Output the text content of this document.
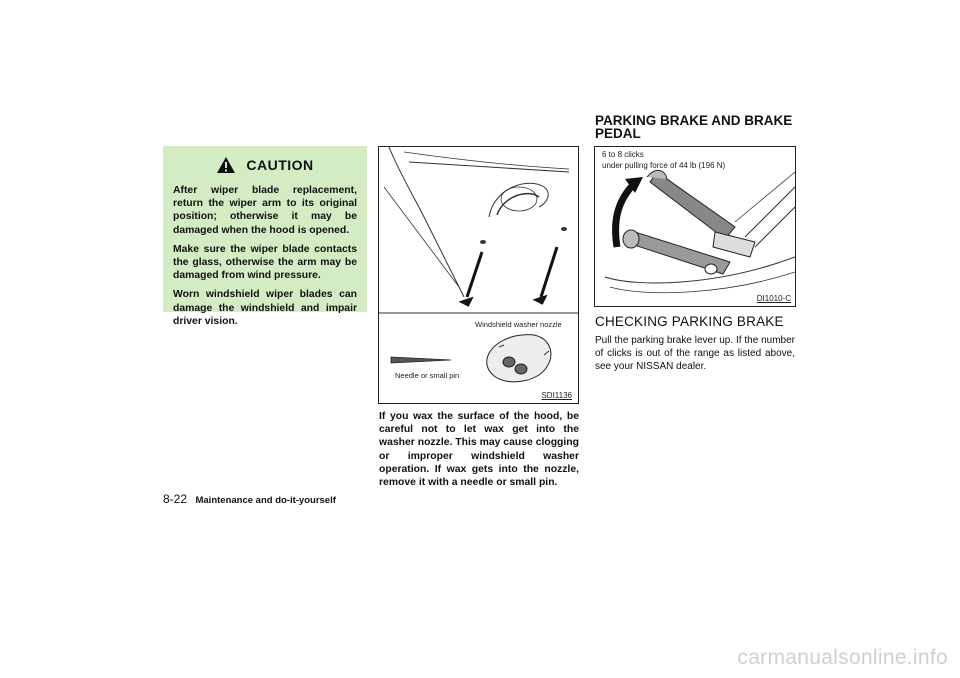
CAUTION

After wiper blade replacement, return the wiper arm to its original position; otherwise it may be damaged when the hood is opened.

Make sure the wiper blade contacts the glass, otherwise the arm may be damaged from wind pressure.

Worn windshield wiper blades can damage the windshield and impair driver vision.	Windshield washer nozzle
Needle or small pin
SDI1136
If you wax the surface of the hood, be careful not to let wax get into the washer nozzle. This may cause clogging or improper windshield washer operation. If wax gets into the nozzle, remove it with a needle or small pin.
PARKING BRAKE AND BRAKE PEDAL
6 to 8 clicks
under pulling force of 44 lb (196 N)
DI1010-C
CHECKING PARKING BRAKE
Pull the parking brake lever up. If the number of clicks is out of the range as listed above, see your NISSAN dealer.
8-22 Maintenance and do-it-yourself
carmanualsonline.info
